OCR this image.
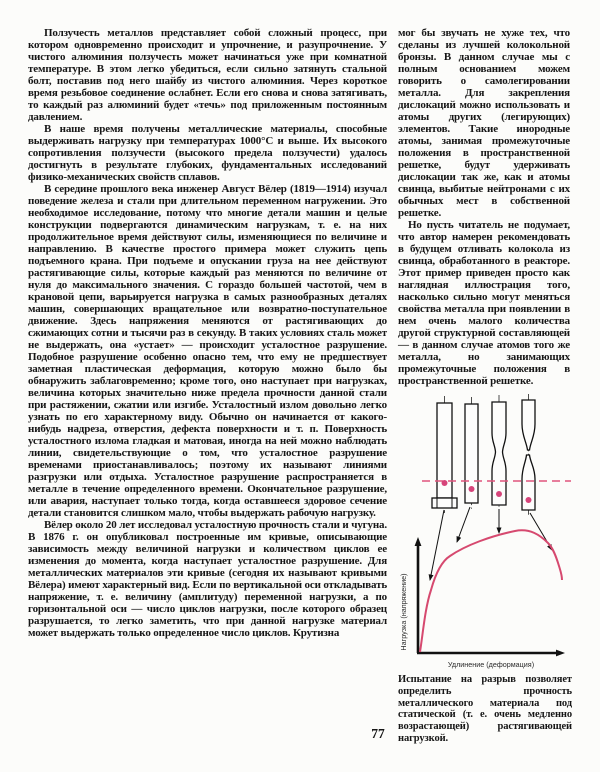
Ползучесть металлов представляет собой сложный процесс, при котором одновременно происходит и упрочнение, и разупрочнение. У чистого алюминия ползучесть может начинаться уже при комнатной температуре. В этом легко убедиться, если сильно затянуть стальной болт, поставив под него шайбу из чистого алюминия. Через короткое время резьбовое соединение ослабнет. Если его снова и снова затягивать, то каждый раз алюминий будет «течь» под приложенным постоянным давлением.

В наше время получены металлические материалы, способные выдерживать нагрузку при температурах 1000°С и выше. Их высокого сопротивления ползучести (высокого предела ползучести) удалось достигнуть в результате глубоких, фундаментальных исследований физико-механических свойств сплавов.

В середине прошлого века инженер Август Вёлер (1819—1914) изучал поведение железа и стали при длительном переменном нагружении. Это необходимое исследование, потому что многие детали машин и целые конструкции подвергаются динамическим нагрузкам, т. е. на них продолжительное время действуют силы, изменяющиеся по величине и направлению. В качестве простого примера может служить цепь подъемного крана. При подъеме и опускании груза на нее действуют растягивающие силы, которые каждый раз меняются по величине от нуля до максимального значения. С гораздо большей частотой, чем в крановой цепи, варьируется нагрузка в самых разнообразных деталях машин, совершающих вращательное или возвратно-поступательное движение. Здесь напряжения меняются от растягивающих до сжимающих сотни и тысячи раз в секунду. В таких условиях сталь может не выдержать, она «устает» — происходит усталостное разрушение. Подобное разрушение особенно опасно тем, что ему не предшествует заметная пластическая деформация, которую можно было бы обнаружить заблаговременно; кроме того, оно наступает при нагрузках, величина которых значительно ниже предела прочности данной стали при растяжении, сжатии или изгибе. Усталостный излом довольно легко узнать по его характерному виду. Обычно он начинается от какого-нибудь надреза, отверстия, дефекта поверхности и т. п. Поверхность усталостного излома гладкая и матовая, иногда на ней можно наблюдать линии, свидетельствующие о том, что усталостное разрушение временами приостанавливалось; поэтому их называют линиями разгрузки или отдыха. Усталостное разрушение распространяется в металле в течение определенного времени. Окончательное разрушение, или авария, наступает только тогда, когда оставшееся здоровое сечение детали становится слишком мало, чтобы выдержать рабочую нагрузку.

Вёлер около 20 лет исследовал усталостную прочность стали и чугуна. В 1876 г. он опубликовал построенные им кривые, описывающие зависимость между величиной нагрузки и количеством циклов ее изменения до момента, когда наступает усталостное разрушение. Для металлических материалов эти кривые (сегодня их называют кривыми Вёлера) имеют характерный вид. Если по вертикальной оси откладывать напряжение, т. е. величину (амплитуду) переменной нагрузки, а по горизонтальной оси — число циклов нагрузки, после которого образец разрушается, то легко заметить, что при данной нагрузке материал может выдержать только определенное число циклов. Крутизна

мог бы звучать не хуже тех, что сделаны из лучшей колокольной бронзы. В данном случае мы с полным основанием можем говорить о самолегировании металла. Для закрепления дислокаций можно использовать и атомы других (легирующих) элементов. Такие инородные атомы, занимая промежуточные положения в пространственной решетке, будут удерживать дислокации так же, как и атомы свинца, выбитые нейтронами с их обычных мест в собственной решетке.

Но пусть читатель не подумает, что автор намерен рекомендовать в будущем отливать колокола из свинца, обработанного в реакторе. Этот пример приведен просто как наглядная иллюстрация того, насколько сильно могут меняться свойства металла при появлении в нем очень малого количества другой структурной составляющей — в данном случае атомов того же металла, но занимающих промежуточные положения в пространственной решетке.

Нагрузка (напряжение)
Удлинение (деформация)

Испытание на разрыв позволяет определить прочность металлического материала под статической (т. е. очень медленно возрастающей) растягивающей нагрузкой.

77
